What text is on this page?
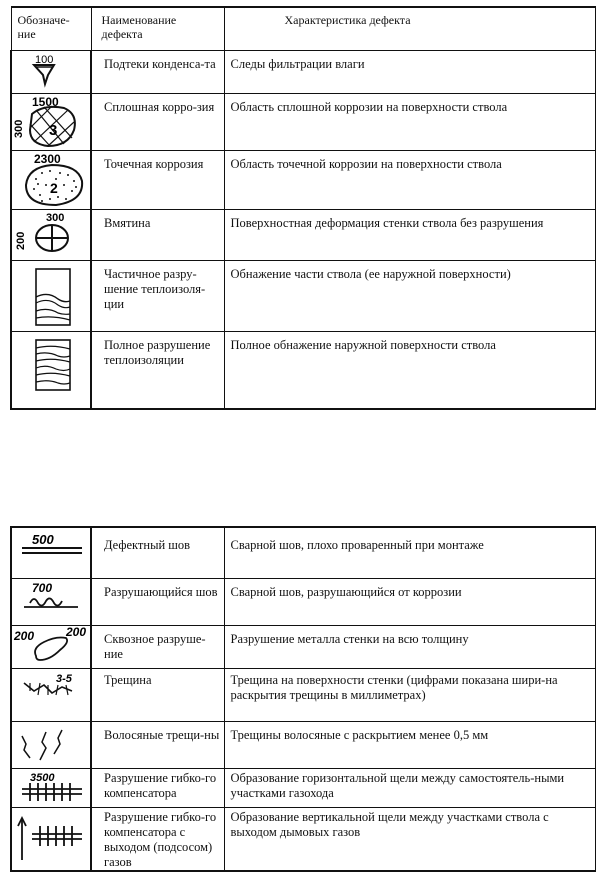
Обозначе-ние	Наименование дефекта	Характеристика дефекта

100	Подтеки конденса-та	Следы фильтрации влаги

1500
300 3	Сплошная корро-зия	Область сплошной коррозии на поверхности ствола

2300
2	Точечная коррозия	Область точечной коррозии на поверхности ствола

300
200	Вмятина	Поверхностная деформация стенки ствола без разрушения

	Частичное разру-шение теплоизоля-ции	Обнажение части ствола (ее наружной поверхности)

	Полное разрушение теплоизоляции	Полное обнажение наружной поверхности ствола
500	Дефектный шов	Сварной шов, плохо проваренный при монтаже

700	Разрушающийся шов	Сварной шов, разрушающийся от коррозии

200 200	Сквозное разруше-ние	Разрушение металла стенки на всю толщину

3-5	Трещина	Трещина на поверхности стенки (цифрами показана шири-на раскрытия трещины в миллиметрах)

	Волосяные трещи-ны	Трещины волосяные с раскрытием менее 0,5 мм

3500	Разрушение гибко-го компенсатора	Образование горизонтальной щели между самостоятель-ными участками газохода

	Разрушение гибко-го компенсатора с выходом (подсосом) газов	Образование вертикальной щели между участками ствола с выходом дымовых газов
